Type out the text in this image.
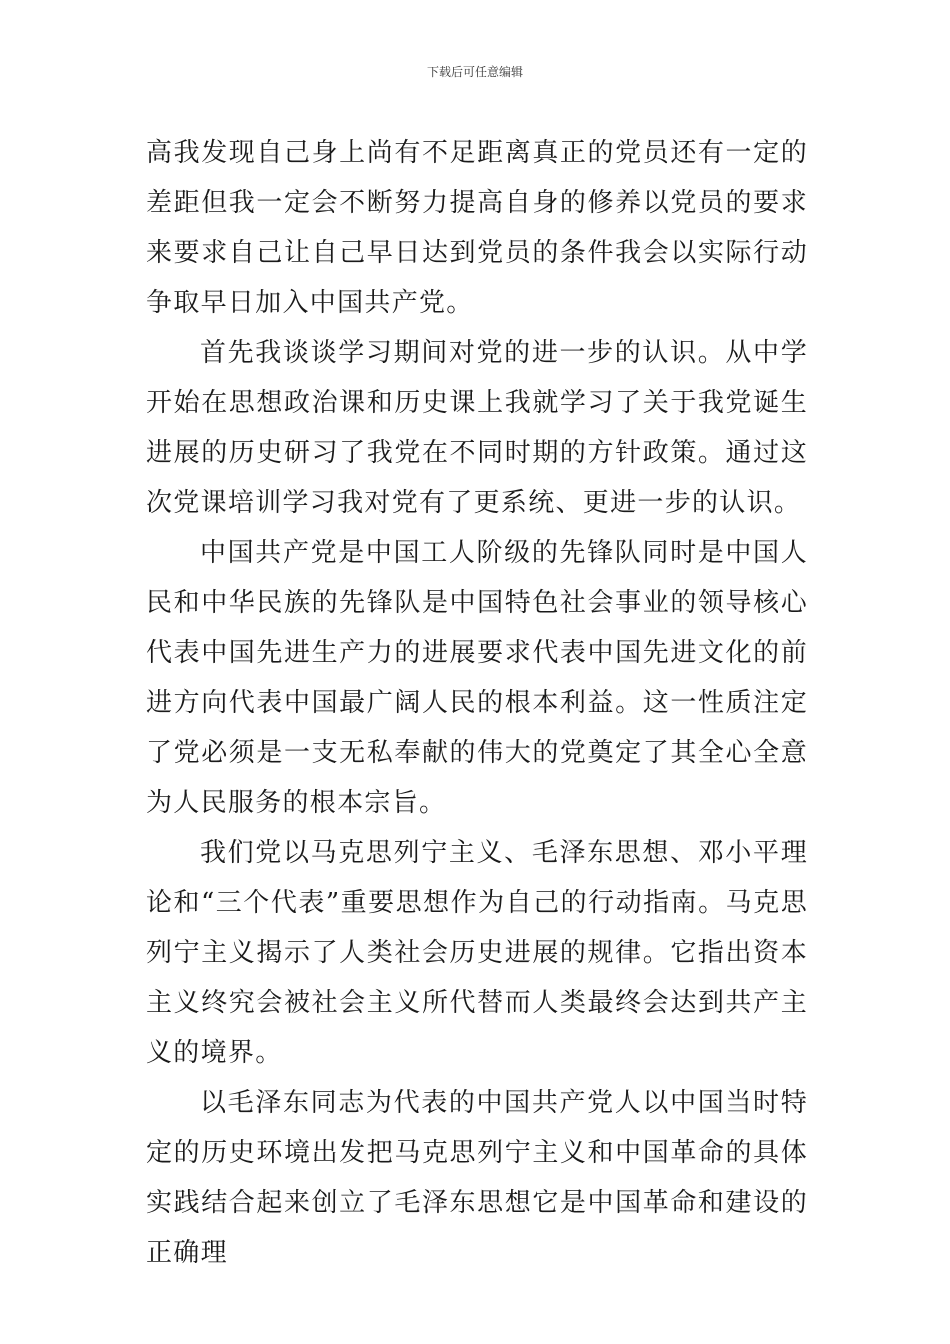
下载后可任意编辑

高我发现自己身上尚有不足距离真正的党员还有一定的差距但我一定会不断努力提高自身的修养以党员的要求来要求自己让自己早日达到党员的条件我会以实际行动争取早日加入中国共产党。

首先我谈谈学习期间对党的进一步的认识。从中学开始在思想政治课和历史课上我就学习了关于我党诞生进展的历史研习了我党在不同时期的方针政策。通过这次党课培训学习我对党有了更系统、更进一步的认识。

中国共产党是中国工人阶级的先锋队同时是中国人民和中华民族的先锋队是中国特色社会事业的领导核心代表中国先进生产力的进展要求代表中国先进文化的前进方向代表中国最广阔人民的根本利益。这一性质注定了党必须是一支无私奉献的伟大的党奠定了其全心全意为人民服务的根本宗旨。

我们党以马克思列宁主义、毛泽东思想、邓小平理论和“三个代表”重要思想作为自己的行动指南。马克思列宁主义揭示了人类社会历史进展的规律。它指出资本主义终究会被社会主义所代替而人类最终会达到共产主义的境界。

以毛泽东同志为代表的中国共产党人以中国当时特定的历史环境出发把马克思列宁主义和中国革命的具体实践结合起来创立了毛泽东思想它是中国革命和建设的正确理
